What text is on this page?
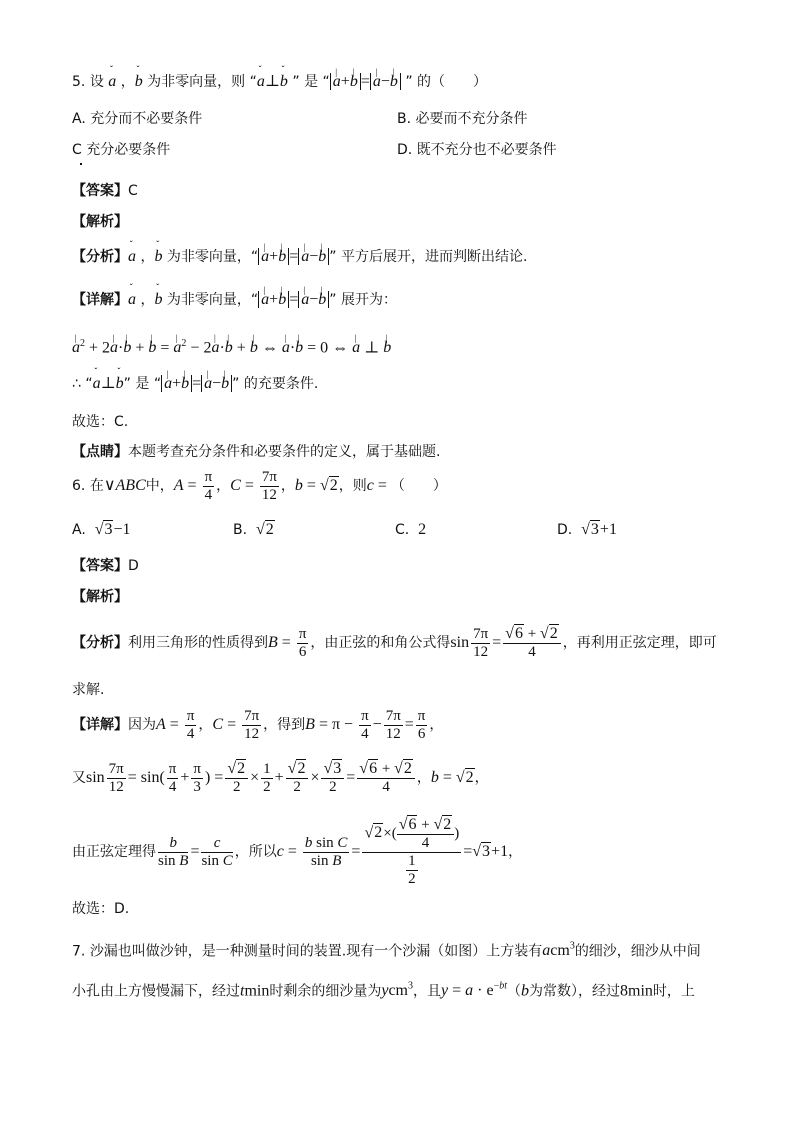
5. 设 ˇ a ，ˇ b 为非零向量，则 “ˇ a⊥ˇ b ” 是 “ | a+| b = | a−| b ” 的（　　）
A. 充分而不必要条件	B. 必要而不充分条件
C 充分必要条件	D. 既不充分也不必要条件
【答案】C
【解析】
【分析】ˇ a ，ˇ b 为非零向量，“ | a+| b = | a−| b ” 平方后展开，进而判断出结论.
【详解】ˇ a ，ˇ b 为非零向量，“ | a+| b = | a−| b ” 展开为：
| $a^2 + 2|$ a·| b + | b = | $a^2 - 2|$ a·| b + | b ⇔ | a·| b = 0 ⇔ | a ⊥ | b
∴ “ˇ a⊥ˇ b” 是 “ | a+| b = | a−| b ” 的充要条件.
故选：C.
【点睛】本题考查充分条件和必要条件的定义，属于基础题.
6. 在∨ABC中，$A = \frac{\pi}{4}$ ，$C = \frac{7\pi}{12}$ ，b = √2，则c = （　　）
A. √3−1	B. √2	C. 2	D. √3+1
【答案】D
【解析】
【分析】利用三角形的性质得到$B = \frac{\pi}{6}$ ，由正弦的和角公式得$\sin \frac{7\pi}{12} = \frac{√6 + √2}{4}$ ，再利用正弦定理，即可
求解.
【详解】因为$A = \frac{\pi}{4}$ ，$C = \frac{7\pi}{12}$ ，得到$B = \pi - \frac{\pi}{4} - \frac{7\pi}{12} = \frac{\pi}{6}$ ，
又$\sin \frac{7\pi}{12} = \sin( \frac{\pi}{4} + \frac{\pi}{3}$ ) = $\frac{√2}{2} \times \frac{1}{2} + \frac{√2}{2} \times \frac{√3}{2} = \frac{√6 + √2}{4}$ ，b = √2，
由正弦定理得 $\frac{b}{\text{sin B}} = \frac{c}{\text{sin C}}$ ，所以$c = \frac{\text{b sin C}}{\text{sin B}} = \frac{√2\times( \frac{√6 + √2}{4} )}{\frac{1}{2}} =√3+1$，
故选：D.
7. 沙漏也叫做沙钟，是一种测量时间的装置.现有一个沙漏（如图）上方装有acm$^3$的细沙，细沙从中间
小孔由上方慢慢漏下，经过tmin时剩余的细沙量为ycm$^3$，且$y = a \cdot e^{-bt}(b$为常数），经过8min时，上
